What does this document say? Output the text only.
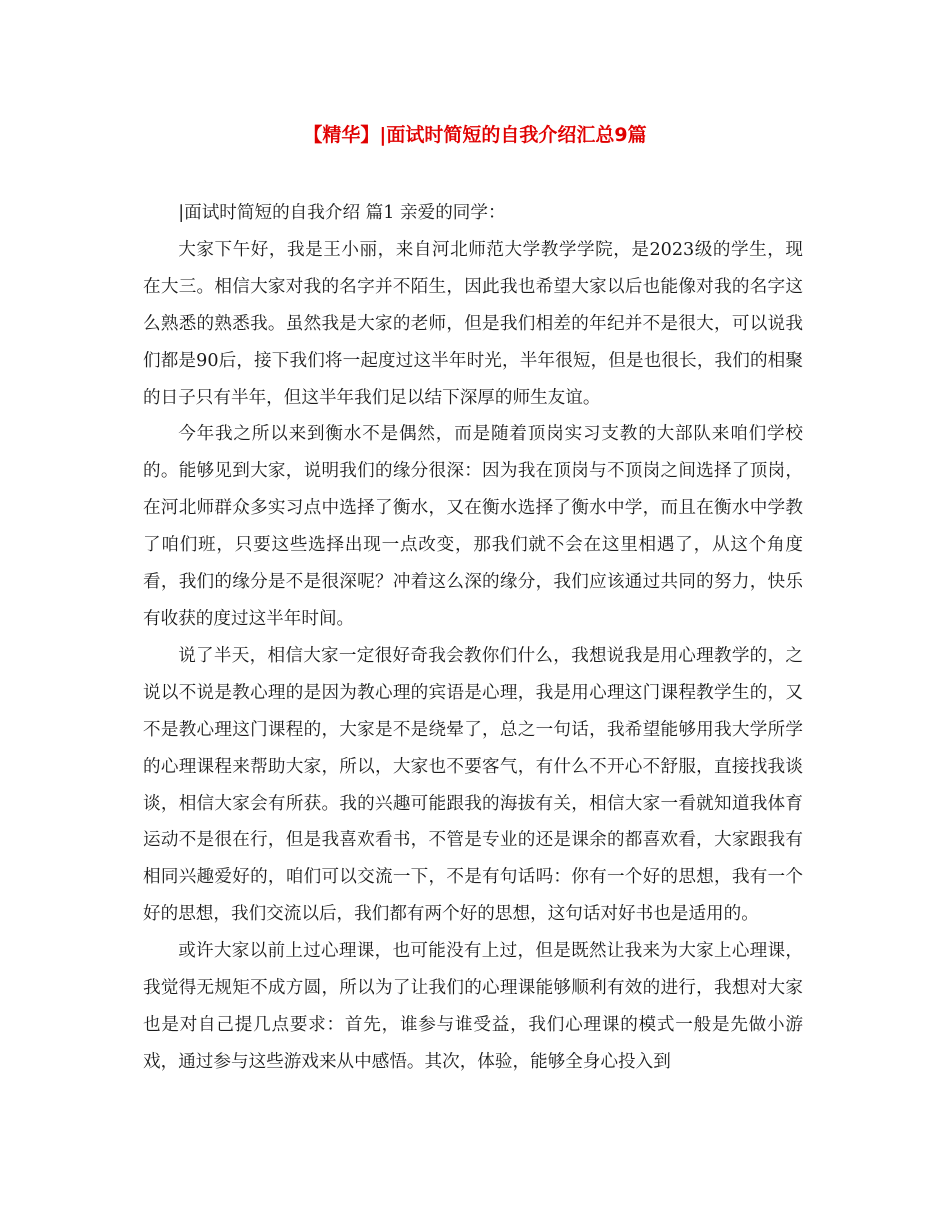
【精华】|面试时简短的自我介绍汇总9篇

|面试时简短的自我介绍 篇1 亲爱的同学：

大家下午好，我是王小丽，来自河北师范大学教学学院，是2023级的学生，现在大三。相信大家对我的名字并不陌生，因此我也希望大家以后也能像对我的名字这么熟悉的熟悉我。虽然我是大家的老师，但是我们相差的年纪并不是很大，可以说我们都是90后，接下我们将一起度过这半年时光，半年很短，但是也很长，我们的相聚的日子只有半年，但这半年我们足以结下深厚的师生友谊。

今年我之所以来到衡水不是偶然，而是随着顶岗实习支教的大部队来咱们学校的。能够见到大家，说明我们的缘分很深：因为我在顶岗与不顶岗之间选择了顶岗，在河北师群众多实习点中选择了衡水，又在衡水选择了衡水中学，而且在衡水中学教了咱们班，只要这些选择出现一点改变，那我们就不会在这里相遇了，从这个角度看，我们的缘分是不是很深呢？冲着这么深的缘分，我们应该通过共同的努力，快乐有收获的度过这半年时间。

说了半天，相信大家一定很好奇我会教你们什么，我想说我是用心理教学的，之说以不说是教心理的是因为教心理的宾语是心理，我是用心理这门课程教学生的，又不是教心理这门课程的，大家是不是绕晕了，总之一句话，我希望能够用我大学所学的心理课程来帮助大家，所以，大家也不要客气，有什么不开心不舒服，直接找我谈谈，相信大家会有所获。我的兴趣可能跟我的海拔有关，相信大家一看就知道我体育运动不是很在行，但是我喜欢看书，不管是专业的还是课余的都喜欢看，大家跟我有相同兴趣爱好的，咱们可以交流一下，不是有句话吗：你有一个好的思想，我有一个好的思想，我们交流以后，我们都有两个好的思想，这句话对好书也是适用的。

或许大家以前上过心理课，也可能没有上过，但是既然让我来为大家上心理课，我觉得无规矩不成方圆，所以为了让我们的心理课能够顺利有效的进行，我想对大家也是对自己提几点要求：首先，谁参与谁受益，我们心理课的模式一般是先做小游戏，通过参与这些游戏来从中感悟。其次，体验，能够全身心投入到
